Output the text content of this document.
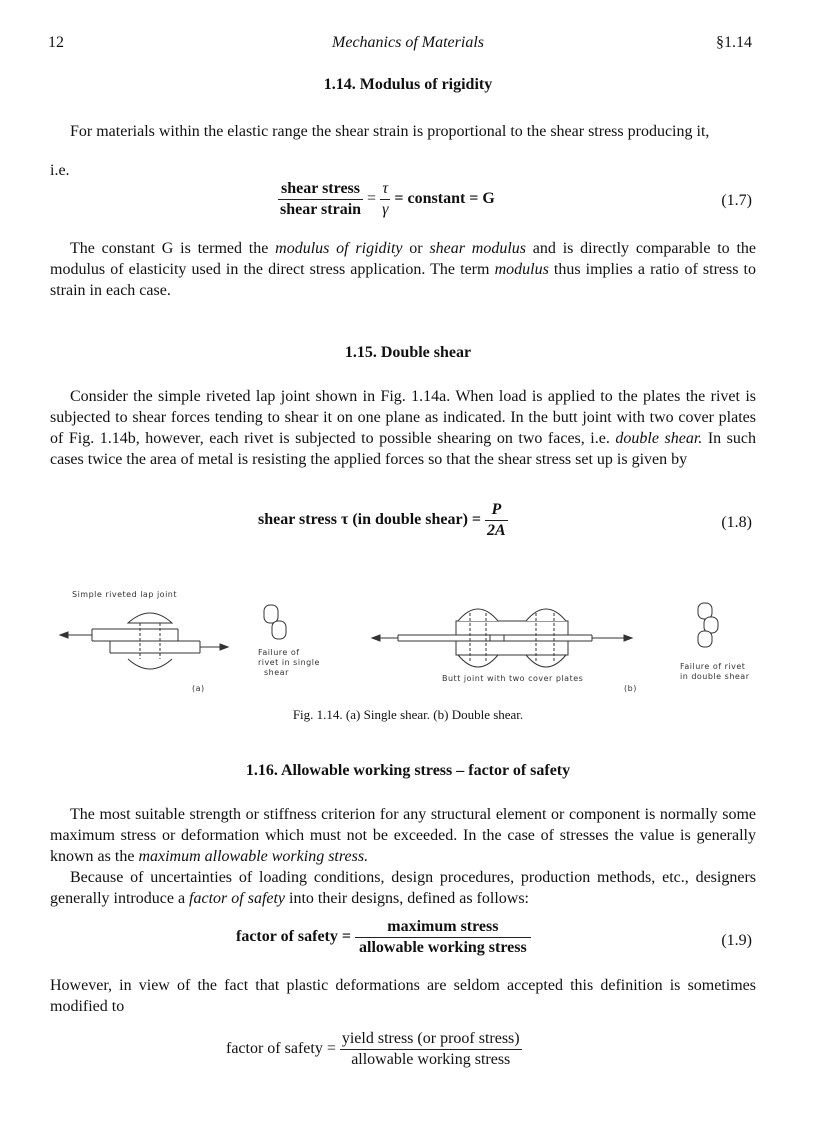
12	Mechanics of Materials	§1.14
1.14. Modulus of rigidity
For materials within the elastic range the shear strain is proportional to the shear stress producing it,
i.e.
$\frac{\text{shear stress}}{\text{shear strain}} = \frac{\tau}{\gamma}$ = constant = G	(1.7)
The constant G is termed the modulus of rigidity or shear modulus and is directly comparable to the modulus of elasticity used in the direct stress application. The term modulus thus implies a ratio of stress to strain in each case.
1.15. Double shear
Consider the simple riveted lap joint shown in Fig. 1.14a. When load is applied to the plates the rivet is subjected to shear forces tending to shear it on one plane as indicated. In the butt joint with two cover plates of Fig. 1.14b, however, each rivet is subjected to possible shearing on two faces, i.e. double shear. In such cases twice the area of metal is resisting the applied forces so that the shear stress set up is given by
shear stress τ (in double shear) = $\frac{P}{2A}$	(1.8)
Simple riveted lap joint
Failure of
rivet in single
shear
(a)
Butt joint with two cover plates
(b)
Failure of rivet
in double shear
Fig. 1.14. (a) Single shear. (b) Double shear.
1.16. Allowable working stress – factor of safety
The most suitable strength or stiffness criterion for any structural element or component is normally some maximum stress or deformation which must not be exceeded. In the case of stresses the value is generally known as the maximum allowable working stress.
Because of uncertainties of loading conditions, design procedures, production methods, etc., designers generally introduce a factor of safety into their designs, defined as follows:
factor of safety = $\frac{\text{maximum stress}}{\text{allowable working stress}}$	(1.9)
However, in view of the fact that plastic deformations are seldom accepted this definition is sometimes modified to
factor of safety = $\frac{\text{yield stress (or proof stress)}}{\text{allowable working stress}}$
